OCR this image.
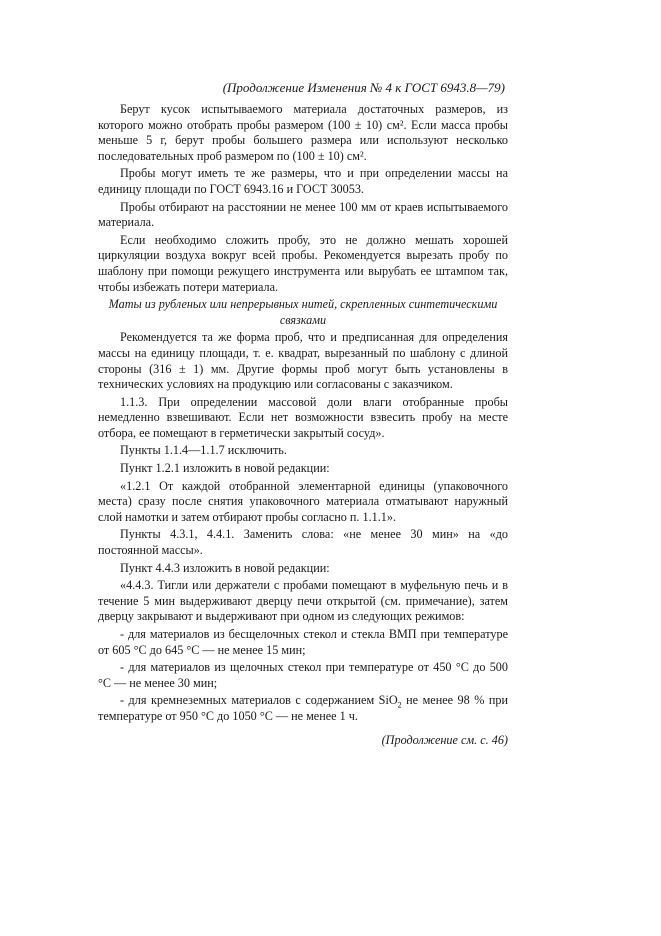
(Продолжение Изменения № 4 к ГОСТ 6943.8—79)

Берут кусок испытываемого материала достаточных размеров, из которого можно отобрать пробы размером (100 ± 10) см². Если масса пробы меньше 5 г, берут пробы большего размера или используют несколько последовательных проб размером по (100 ± 10) см².

Пробы могут иметь те же размеры, что и при определении массы на единицу площади по ГОСТ 6943.16 и ГОСТ 30053.

Пробы отбирают на расстоянии не менее 100 мм от краев испытываемого материала.

Если необходимо сложить пробу, это не должно мешать хорошей циркуляции воздуха вокруг всей пробы. Рекомендуется вырезать пробу по шаблону при помощи режущего инструмента или вырубать ее штампом так, чтобы избежать потери материала.

Маты из рубленых или непрерывных нитей, скрепленных синтетическими связками

Рекомендуется та же форма проб, что и предписанная для определения массы на единицу площади, т. е. квадрат, вырезанный по шаблону с длиной стороны (316 ± 1) мм. Другие формы проб могут быть установлены в технических условиях на продукцию или согласованы с заказчиком.

1.1.3. При определении массовой доли влаги отобранные пробы немедленно взвешивают. Если нет возможности взвесить пробу на месте отбора, ее помещают в герметически закрытый сосуд».

Пункты 1.1.4—1.1.7 исключить.

Пункт 1.2.1 изложить в новой редакции:

«1.2.1 От каждой отобранной элементарной единицы (упаковочного места) сразу после снятия упаковочного материала отматывают наружный слой намотки и затем отбирают пробы согласно п. 1.1.1».

Пункты 4.3.1, 4.4.1. Заменить слова: «не менее 30 мин» на «до постоянной массы».

Пункт 4.4.3 изложить в новой редакции:

«4.4.3. Тигли или держатели с пробами помещают в муфельную печь и в течение 5 мин выдерживают дверцу печи открытой (см. примечание), затем дверцу закрывают и выдерживают при одном из следующих режимов:

- для материалов из бесщелочных стекол и стекла ВМП при температуре от 605 °С до 645 °С — не менее 15 мин;

- для материалов из щелочных стекол при температуре от 450 °С до 500 °С — не менее 30 мин;

- для кремнеземных материалов с содержанием SiO$_2$ не менее 98 % при температуре от 950 °С до 1050 °С — не менее 1 ч.

(Продолжение см. с. 46)
